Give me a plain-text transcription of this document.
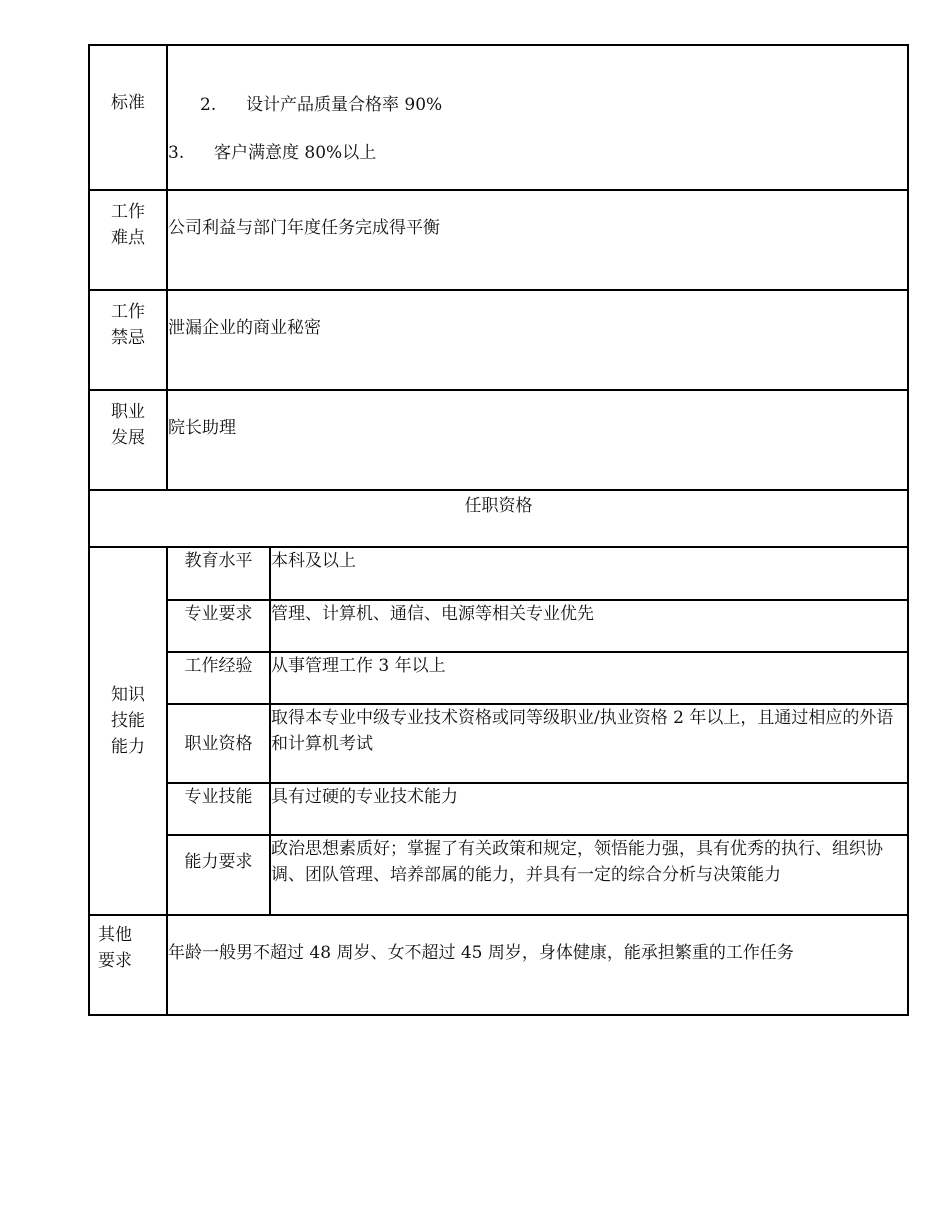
标准	2. 设计产品质量合格率 90%
3. 客户满意度 80%以上

工作
难点	公司利益与部门年度任务完成得平衡

工作
禁忌	泄漏企业的商业秘密

职业
发展	院长助理
任职资格

知识
技能
能力

教育水平	本科及以上
专业要求	管理、计算机、通信、电源等相关专业优先
工作经验	从事管理工作 3 年以上
职业资格	取得本专业中级专业技术资格或同等级职业/执业资格 2 年以上，且通过相应的外语和计算机考试
专业技能	具有过硬的专业技术能力
能力要求	政治思想素质好；掌握了有关政策和规定，领悟能力强，具有优秀的执行、组织协调、团队管理、培养部属的能力，并具有一定的综合分析与决策能力

其他
要求	年龄一般男不超过 48 周岁、女不超过 45 周岁，身体健康，能承担繁重的工作任务
